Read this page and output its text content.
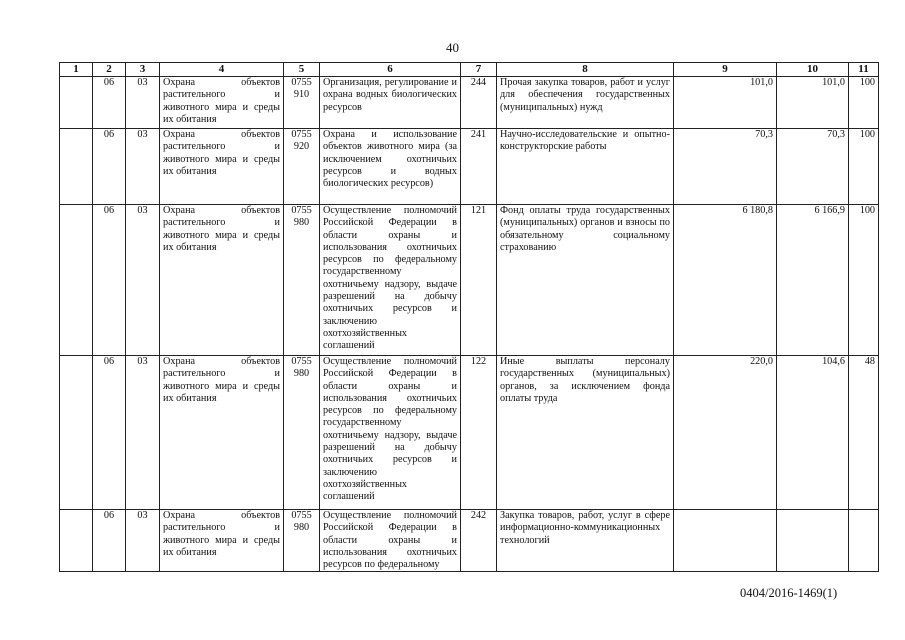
40
1	2	3	4	5	6	7	8	9	10	11
	06	03	Охрана объектов растительного и животного мира и среды их обитания	0755 910	Организация, регулирование и охрана водных биологических ресурсов	244	Прочая закупка товаров, работ и услуг для обеспечения государственных (муниципальных) нужд	101,0	101,0	100
	06	03	Охрана объектов растительного и животного мира и среды их обитания	0755 920	Охрана и использование объектов животного мира (за исключением охотничьих ресурсов и водных биологических ресурсов)	241	Научно-исследовательские и опытно-конструкторские работы	70,3	70,3	100
	06	03	Охрана объектов растительного и животного мира и среды их обитания	0755 980	Осуществление полномочий Российской Федерации в области охраны и использования охотничьих ресурсов по федеральному государственному охотничьему надзору, выдаче разрешений на добычу охотничьих ресурсов и заключению охотхозяйственных соглашений	121	Фонд оплаты труда государственных (муниципальных) органов и взносы по обязательному социальному страхованию	6 180,8	6 166,9	100
	06	03	Охрана объектов растительного и животного мира и среды их обитания	0755 980	Осуществление полномочий Российской Федерации в области охраны и использования охотничьих ресурсов по федеральному государственному охотничьему надзору, выдаче разрешений на добычу охотничьих ресурсов и заключению охотхозяйственных соглашений	122	Иные выплаты персоналу государственных (муниципальных) органов, за исключением фонда оплаты труда	220,0	104,6	48
	06	03	Охрана объектов растительного и животного мира и среды их обитания	0755 980	Осуществление полномочий Российской Федерации в области охраны и использования охотничьих ресурсов по федеральному	242	Закупка товаров, работ, услуг в сфере информационно-коммуникационных технологий			
0404/2016-1469(1)
